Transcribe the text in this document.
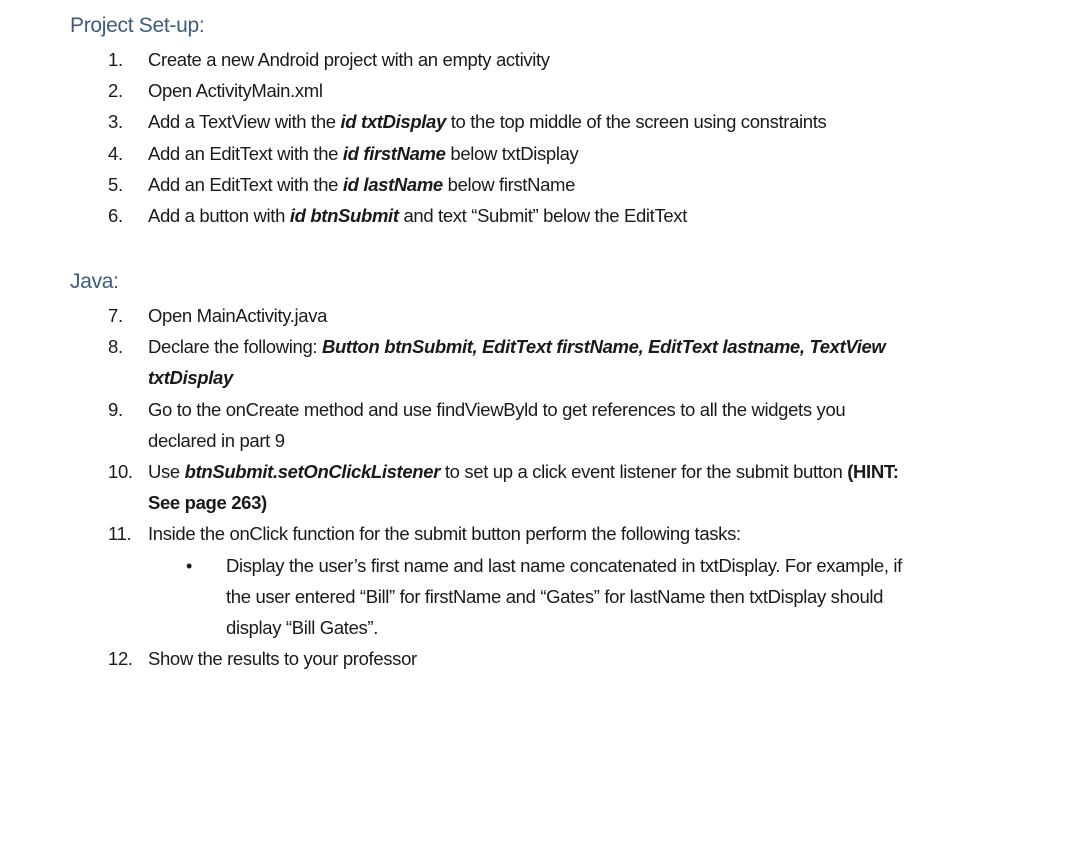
Project Set-up:
1. Create a new Android project with an empty activity
2. Open ActivityMain.xml
3. Add a TextView with the id txtDisplay to the top middle of the screen using constraints
4. Add an EditText with the id firstName below txtDisplay
5. Add an EditText with the id lastName below firstName
6. Add a button with id btnSubmit and text “Submit” below the EditText
Java:
7. Open MainActivity.java
8. Declare the following: Button btnSubmit, EditText firstName, EditText lastname, TextView
txtDisplay
9. Go to the onCreate method and use findViewByld to get references to all the widgets you
declared in part 9
10. Use btnSubmit.setOnClickListener to set up a click event listener for the submit button (HINT:
See page 263)
11. Inside the onClick function for the submit button perform the following tasks:
• Display the user’s first name and last name concatenated in txtDisplay. For example, if
the user entered “Bill” for firstName and “Gates” for lastName then txtDisplay should
display “Bill Gates”.
12. Show the results to your professor
